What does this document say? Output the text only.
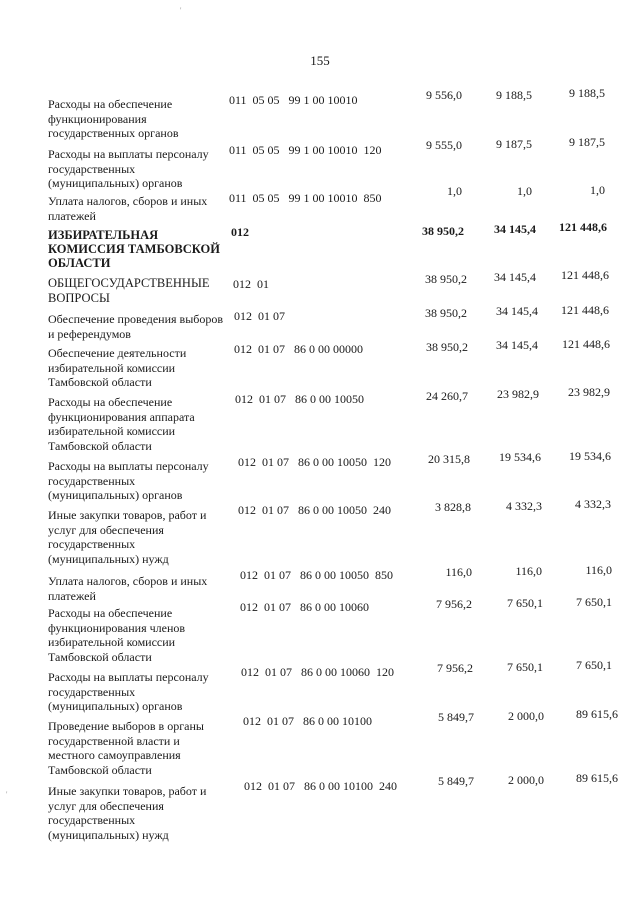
155
'
'
Расходы на обеспечение функционирования государственных органов
011  05 05   99 1 00 10010	9 556,0	9 188,5	9 188,5
Расходы на выплаты персоналу государственных (муниципальных) органов
011  05 05   99 1 00 10010  120	9 555,0	9 187,5	9 187,5
Уплата налогов, сборов и иных платежей
011  05 05   99 1 00 10010  850	1,0	1,0	1,0
ИЗБИРАТЕЛЬНАЯ КОМИССИЯ ТАМБОВСКОЙ ОБЛАСТИ
012	38 950,2	34 145,4	121 448,6
ОБЩЕГОСУДАРСТВЕННЫЕ ВОПРОСЫ
012  01	38 950,2	34 145,4	121 448,6
Обеспечение проведения выборов и референдумов
012  01 07	38 950,2	34 145,4	121 448,6
Обеспечение деятельности избирательной комиссии Тамбовской области
012  01 07   86 0 00 00000	38 950,2	34 145,4	121 448,6
Расходы на обеспечение функционирования аппарата избирательной комиссии Тамбовской области
012  01 07   86 0 00 10050	24 260,7	23 982,9	23 982,9
Расходы на выплаты персоналу государственных (муниципальных) органов
012  01 07   86 0 00 10050  120	20 315,8	19 534,6	19 534,6
Иные закупки товаров, работ и услуг для обеспечения государственных (муниципальных) нужд
012  01 07   86 0 00 10050  240	3 828,8	4 332,3	4 332,3
Уплата налогов, сборов и иных платежей
012  01 07   86 0 00 10050  850	116,0	116,0	116,0
Расходы на обеспечение функционирования членов избирательной комиссии Тамбовской области
012  01 07   86 0 00 10060	7 956,2	7 650,1	7 650,1
Расходы на выплаты персоналу государственных (муниципальных) органов
012  01 07   86 0 00 10060  120	7 956,2	7 650,1	7 650,1
Проведение выборов в органы государственной власти и местного самоуправления Тамбовской области
012  01 07   86 0 00 10100	5 849,7	2 000,0	89 615,6
Иные закупки товаров, работ и услуг для обеспечения государственных (муниципальных) нужд
012  01 07   86 0 00 10100  240	5 849,7	2 000,0	89 615,6
